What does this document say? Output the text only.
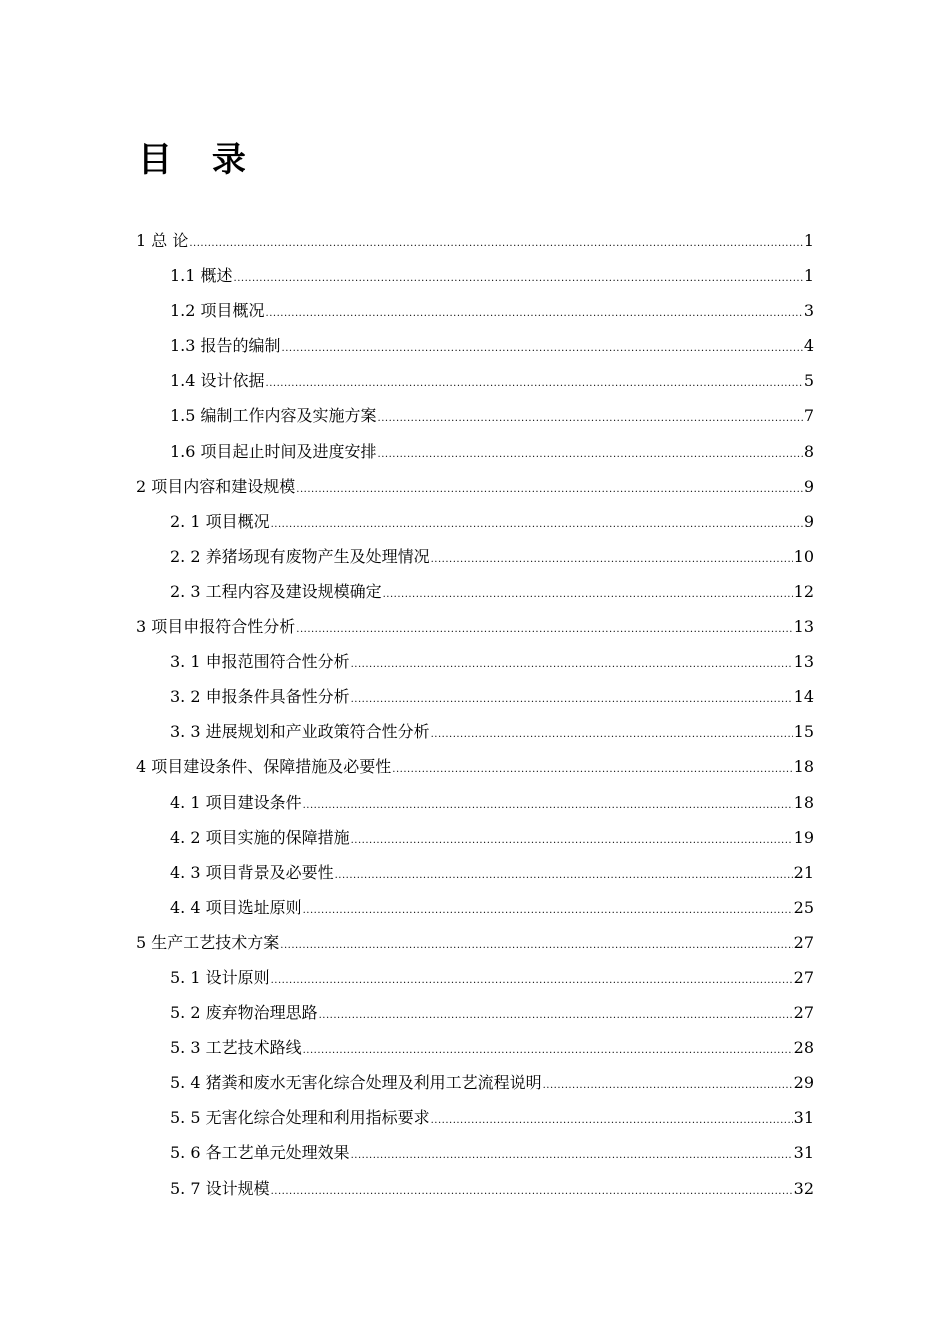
目 录
1 总 论 .....	1
1.1 概述 .....	1
1.2 项目概况 .....	3
1.3 报告的编制 .....	4
1.4 设计依据 .....	5
1.5 编制工作内容及实施方案 .....	7
1.6 项目起止时间及进度安排 .....	8
2 项目内容和建设规模 .....	9
2. 1 项目概况 .....	9
2. 2 养猪场现有废物产生及处理情况 .....	10
2. 3 工程内容及建设规模确定 .....	12
3 项目申报符合性分析 .....	13
3. 1 申报范围符合性分析 .....	13
3. 2 申报条件具备性分析 .....	14
3. 3 进展规划和产业政策符合性分析 .....	15
4 项目建设条件、保障措施及必要性 .....	18
4. 1 项目建设条件 .....	18
4. 2 项目实施的保障措施 .....	19
4. 3 项目背景及必要性 .....	21
4. 4 项目选址原则 .....	25
5 生产工艺技术方案 .....	27
5. 1 设计原则 .....	27
5. 2 废弃物治理思路 .....	27
5. 3 工艺技术路线 .....	28
5. 4 猪粪和废水无害化综合处理及利用工艺流程说明 .....	29
5. 5 无害化综合处理和利用指标要求 .....	31
5. 6 各工艺单元处理效果 .....	31
5. 7 设计规模 .....	32
